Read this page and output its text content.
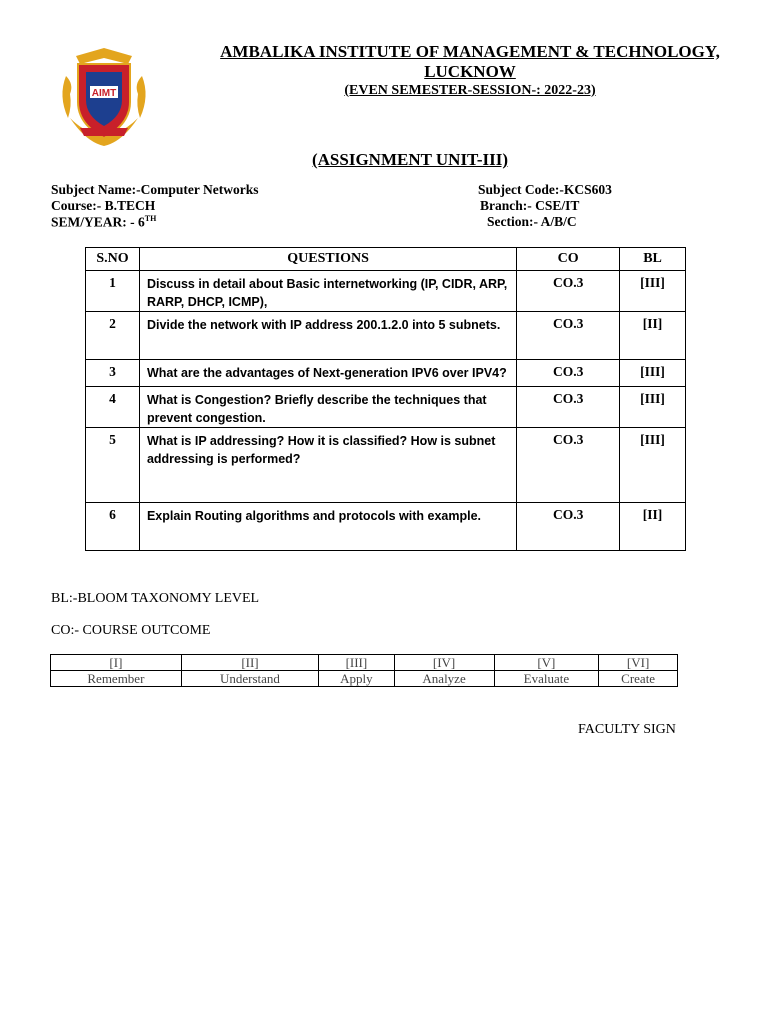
AIMT
AMBALIKA INSTITUTE OF MANAGEMENT & TECHNOLOGY,
LUCKNOW
(EVEN SEMESTER-SESSION-: 2022-23)
(ASSIGNMENT UNIT-III)
Subject Name:-Computer Networks	Subject Code:-KCS603
Course:- B.TECH	Branch:- CSE/IT
SEM/YEAR: - 6TH	Section:- A/B/C
S.NO	QUESTIONS	CO	BL
1	Discuss in detail about Basic internetworking (IP, CIDR, ARP, RARP, DHCP, ICMP),	CO.3	[III]
2	Divide the network with IP address 200.1.2.0 into 5 subnets.	CO.3	[II]
3	What are the advantages of Next-generation IPV6 over IPV4?	CO.3	[III]
4	What is Congestion? Briefly describe the techniques that prevent congestion.	CO.3	[III]
5	What is IP addressing? How it is classified? How is subnet addressing is performed?	CO.3	[III]
6	Explain Routing algorithms and protocols with example.	CO.3	[II]
BL:-BLOOM TAXONOMY LEVEL
CO:- COURSE OUTCOME
[I]	[II]	[III]	[IV]	[V]	[VI]
Remember	Understand	Apply	Analyze	Evaluate	Create
FACULTY SIGN
